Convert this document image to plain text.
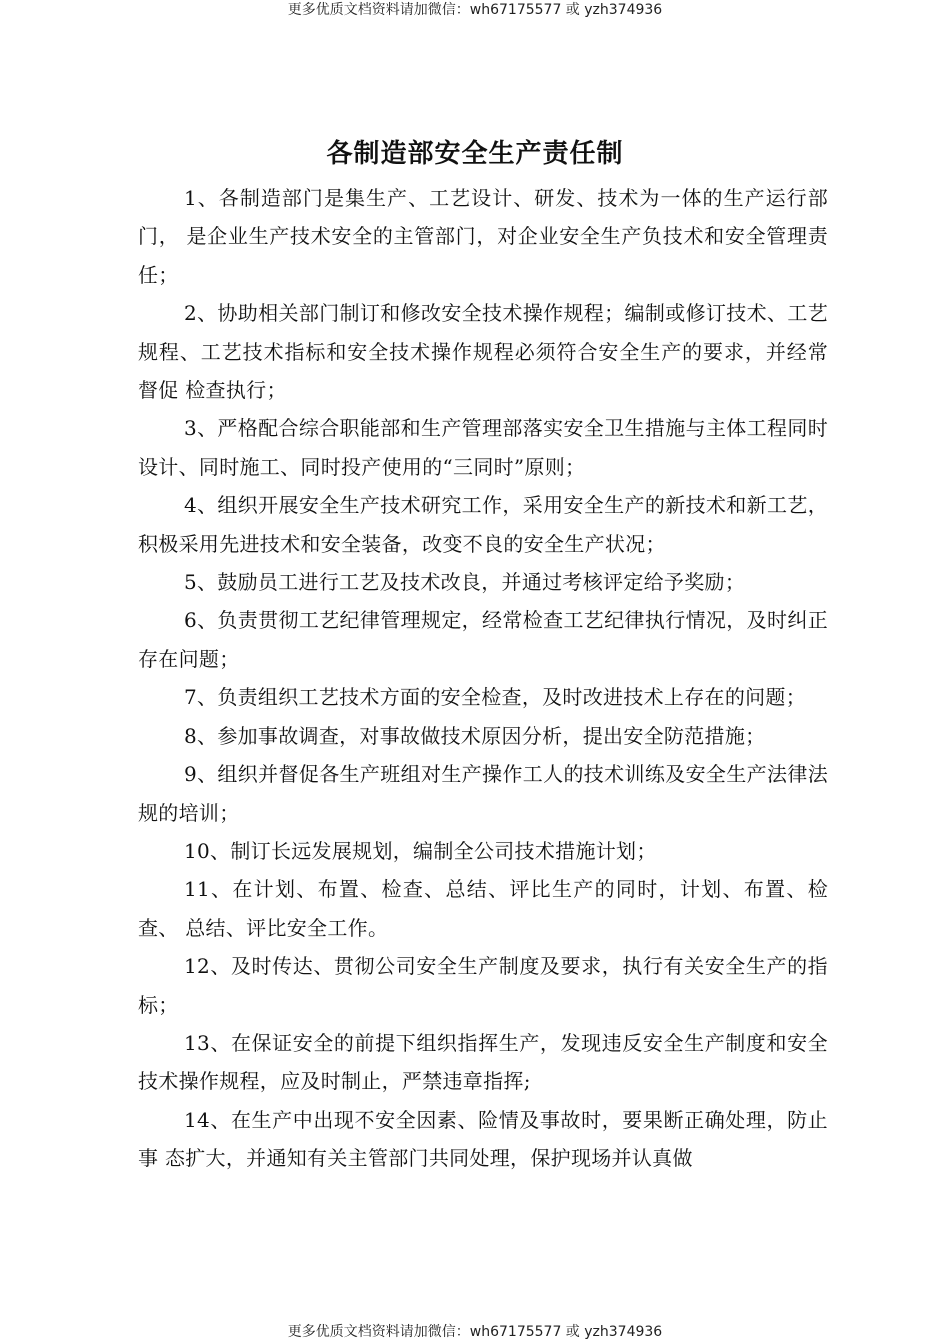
更多优质文档资料请加微信：wh67175577 或 yzh374936
各制造部安全生产责任制

1、各制造部门是集生产、工艺设计、研发、技术为一体的生产运行部门， 是企业生产技术安全的主管部门，对企业安全生产负技术和安全管理责任；

2、协助相关部门制订和修改安全技术操作规程；编制或修订技术、工艺 规程、工艺技术指标和安全技术操作规程必须符合安全生产的要求，并经常督促 检查执行；

3、严格配合综合职能部和生产管理部落实安全卫生措施与主体工程同时 设计、同时施工、同时投产使用的“三同时”原则；

4、组织开展安全生产技术研究工作，采用安全生产的新技术和新工艺， 积极采用先进技术和安全装备，改变不良的安全生产状况；

5、鼓励员工进行工艺及技术改良，并通过考核评定给予奖励；

6、负责贯彻工艺纪律管理规定，经常检查工艺纪律执行情况，及时纠正 存在问题；

7、负责组织工艺技术方面的安全检查，及时改进技术上存在的问题；

8、参加事故调查，对事故做技术原因分析，提出安全防范措施；

9、组织并督促各生产班组对生产操作工人的技术训练及安全生产法律法 规的培训；

10、制订长远发展规划，编制全公司技术措施计划；

11、在计划、布置、检查、总结、评比生产的同时，计划、布置、检查、 总结、评比安全工作。

12、及时传达、贯彻公司安全生产制度及要求，执行有关安全生产的指标；

13、在保证安全的前提下组织指挥生产，发现违反安全生产制度和安全技术操作规程，应及时制止，严禁违章指挥;

14、在生产中出现不安全因素、险情及事故时，要果断正确处理，防止事 态扩大，并通知有关主管部门共同处理，保护现场并认真做

更多优质文档资料请加微信：wh67175577 或 yzh374936
